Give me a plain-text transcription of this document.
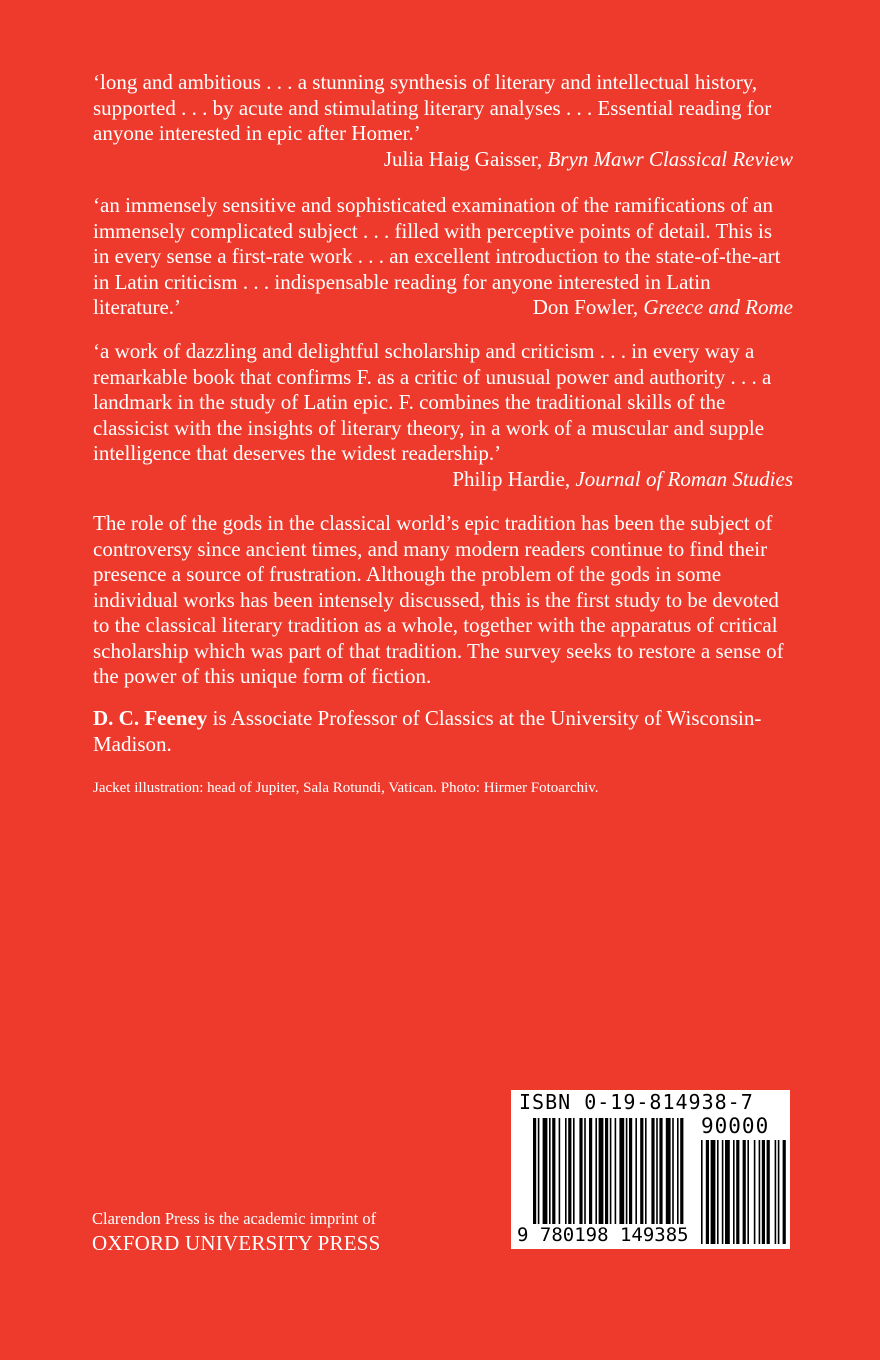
‘long and ambitious . . . a stunning synthesis of literary and intellectual history, supported . . . by acute and stimulating literary analyses . . . Essential reading for anyone interested in epic after Homer.’

Julia Haig Gaisser, Bryn Mawr Classical Review

‘an immensely sensitive and sophisticated examination of the ramifications of an immensely complicated subject . . . filled with perceptive points of detail. This is in every sense a first-rate work . . . an excellent introduction to the state-of-the-art in Latin criticism . . . indispensable reading for anyone interested in Latin literature.’	Don Fowler, Greece and Rome

‘a work of dazzling and delightful scholarship and criticism . . . in every way a remarkable book that confirms F. as a critic of unusual power and authority . . . a landmark in the study of Latin epic. F. combines the traditional skills of the classicist with the insights of literary theory, in a work of a muscular and supple intelligence that deserves the widest readership.’

Philip Hardie, Journal of Roman Studies

The role of the gods in the classical world’s epic tradition has been the subject of controversy since ancient times, and many modern readers continue to find their presence a source of frustration. Although the problem of the gods in some individual works has been intensely discussed, this is the first study to be devoted to the classical literary tradition as a whole, together with the apparatus of critical scholarship which was part of that tradition. The survey seeks to restore a sense of the power of this unique form of fiction.

D. C. Feeney is Associate Professor of Classics at the University of Wisconsin-Madison.

Jacket illustration: head of Jupiter, Sala Rotundi, Vatican. Photo: Hirmer Fotoarchiv.

Clarendon Press is the academic imprint of
OXFORD UNIVERSITY PRESS
ISBN 0-19-814938-7
90000
9 780198 149385
